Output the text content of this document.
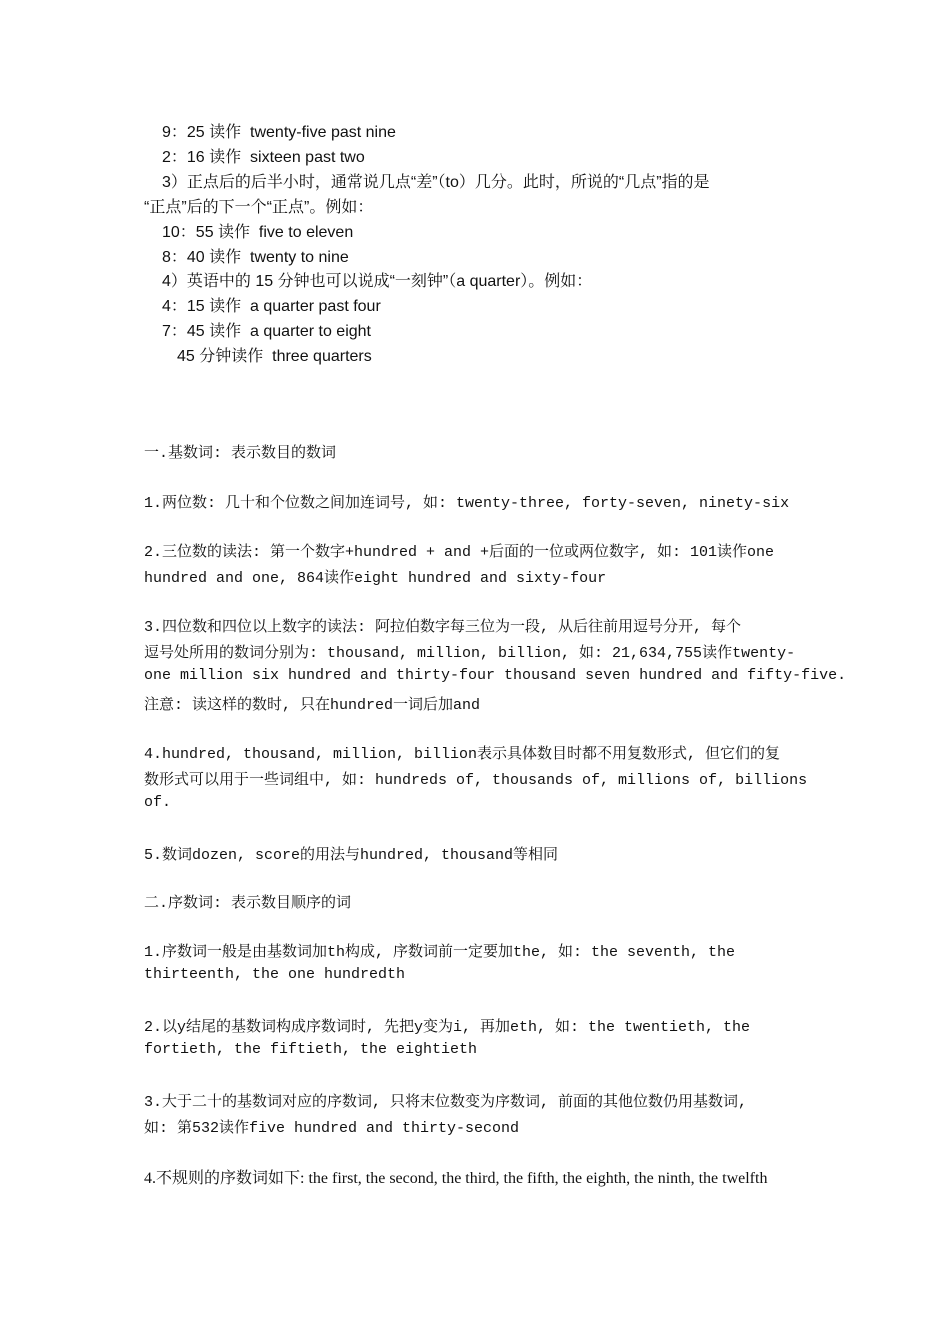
9：25 读作  twenty-five past nine

2：16 读作  sixteen past two

3）正点后的后半小时，通常说几点“差”（to）几分。此时，所说的“几点”指的是

“正点”后的下一个“正点”。例如：

10：55 读作  five to eleven

8：40 读作  twenty to nine

4）英语中的 15 分钟也可以说成“一刻钟”（a quarter）。例如：

4：15 读作  a quarter past four

7：45 读作  a quarter to eight

45 分钟读作  three quarters

一.基数词: 表示数目的数词

1.两位数: 几十和个位数之间加连词号, 如: twenty-three, forty-seven, ninety-six

2.三位数的读法: 第一个数字+hundred + and +后面的一位或两位数字, 如: 101读作one

hundred and one, 864读作eight hundred and sixty-four

3.四位数和四位以上数字的读法: 阿拉伯数字每三位为一段, 从后往前用逗号分开, 每个

逗号处所用的数词分别为: thousand, million, billion, 如: 21,634,755读作twenty-

one million six hundred and thirty-four thousand seven hundred and fifty-five.

注意: 读这样的数时, 只在hundred一词后加and

4.hundred, thousand, million, billion表示具体数目时都不用复数形式, 但它们的复

数形式可以用于一些词组中, 如: hundreds of, thousands of, millions of, billions

of.

5.数词dozen, score的用法与hundred, thousand等相同

二.序数词: 表示数目顺序的词

1.序数词一般是由基数词加th构成, 序数词前一定要加the, 如: the seventh, the

thirteenth, the one hundredth

2.以y结尾的基数词构成序数词时, 先把y变为i, 再加eth, 如: the twentieth, the

fortieth, the fiftieth, the eightieth

3.大于二十的基数词对应的序数词, 只将末位数变为序数词, 前面的其他位数仍用基数词,

如: 第532读作five hundred and thirty-second

4.不规则的序数词如下: the first, the second, the third, the fifth, the eighth, the ninth, the twelfth
